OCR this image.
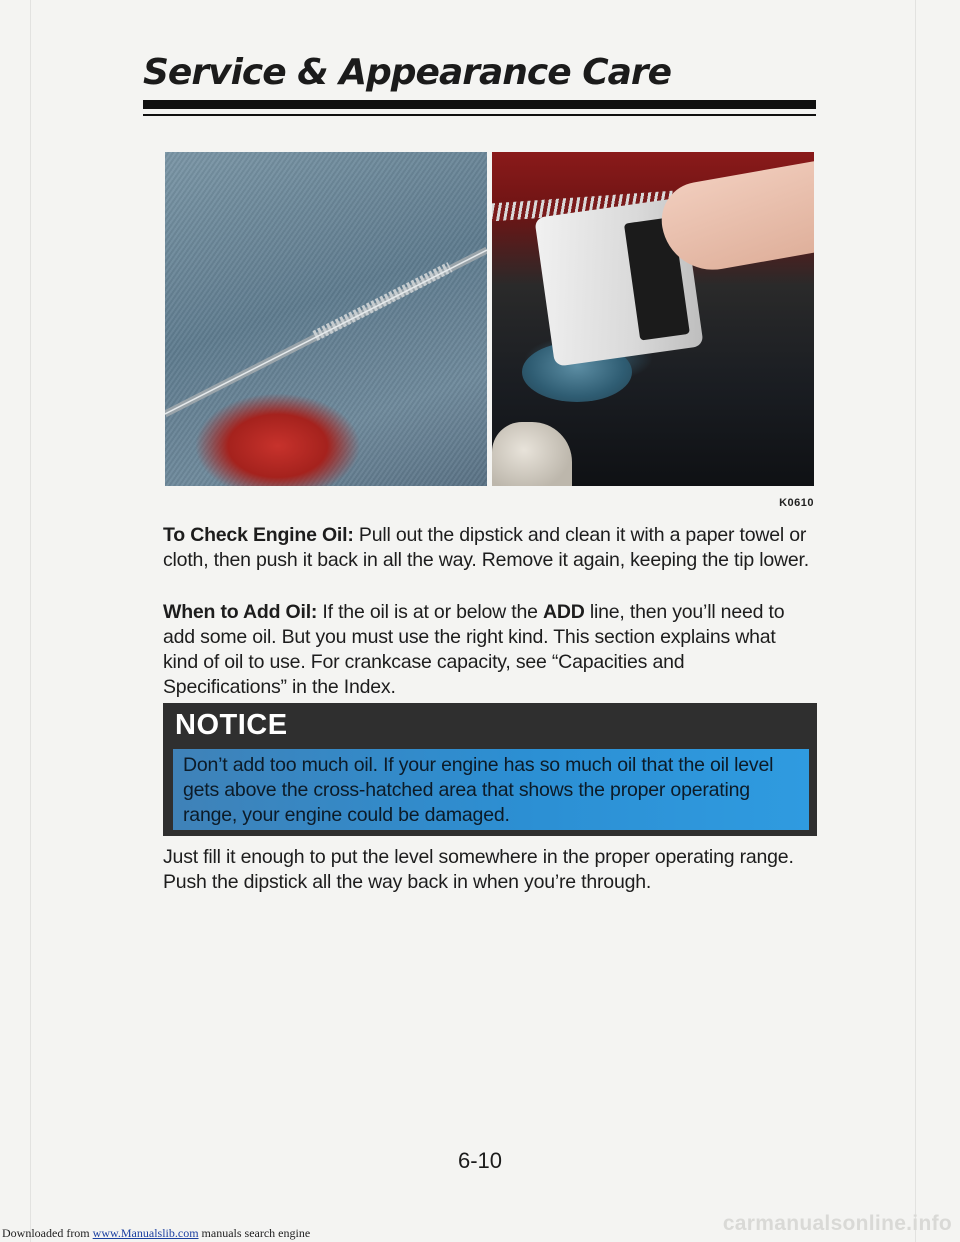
Service & Appearance Care
K0610

To Check Engine Oil: Pull out the dipstick and clean it with a paper towel or cloth, then push it back in all the way. Remove it again, keeping the tip lower.

When to Add Oil: If the oil is at or below the ADD line, then you’ll need to add some oil. But you must use the right kind. This section explains what kind of oil to use. For crankcase capacity, see “Capacities and Specifications” in the Index.

NOTICE

Don’t add too much oil. If your engine has so much oil that the oil level gets above the cross-hatched area that shows the proper operating range, your engine could be damaged.

Just fill it enough to put the level somewhere in the proper operating range. Push the dipstick all the way back in when you’re through.

6-10
Downloaded from www.Manualslib.com manuals search engine	carmanualsonline.info
